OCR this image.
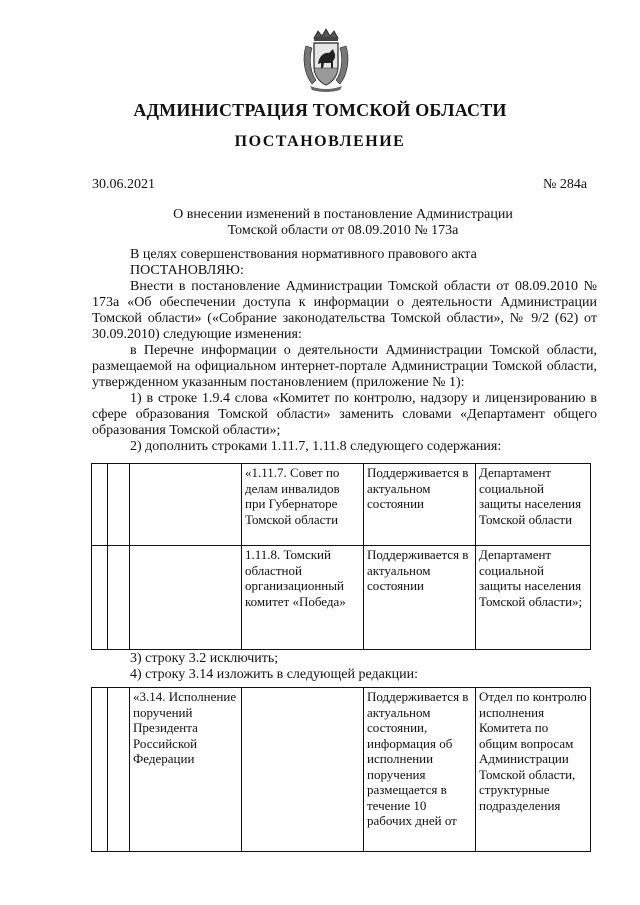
АДМИНИСТРАЦИЯ ТОМСКОЙ ОБЛАСТИ
ПОСТАНОВЛЕНИЕ
30.06.2021	№ 284а
О внесении изменений в постановление Администрации
Томской области от 08.09.2010 № 173а

В целях совершенствования нормативного правового акта

ПОСТАНОВЛЯЮ:

Внести в постановление Администрации Томской области от 08.09.2010 № 173а «Об обеспечении доступа к информации о деятельности Администрации Томской области» («Собрание законодательства Томской области», № 9/2 (62) от 30.09.2010) следующие изменения:

в Перечне информации о деятельности Администрации Томской области, размещаемой на официальном интернет-портале Администрации Томской области, утвержденном указанным постановлением (приложение № 1):

1) в строке 1.9.4 слова «Комитет по контролю, надзору и лицензированию в сфере образования Томской области» заменить словами «Департамент общего образования Томской области»;

2) дополнить строками 1.11.7, 1.11.8 следующего содержания:

			«1.11.7. Совет по делам инвалидов при Губернаторе Томской области	Поддерживается в актуальном состоянии	Департамент социальной защиты населения Томской области
			1.11.8. Томский областной организационный комитет «Победа»	Поддерживается в актуальном состоянии	Департамент социальной защиты населения Томской области»;

3) строку 3.2 исключить;

4) строку 3.14 изложить в следующей редакции:

		«3.14. Исполнение поручений Президента Российской Федерации		Поддерживается в актуальном состоянии, информация об исполнении поручения размещается в течение 10 рабочих дней от	Отдел по контролю исполнения Комитета по общим вопросам Администрации Томской области, структурные подразделения
